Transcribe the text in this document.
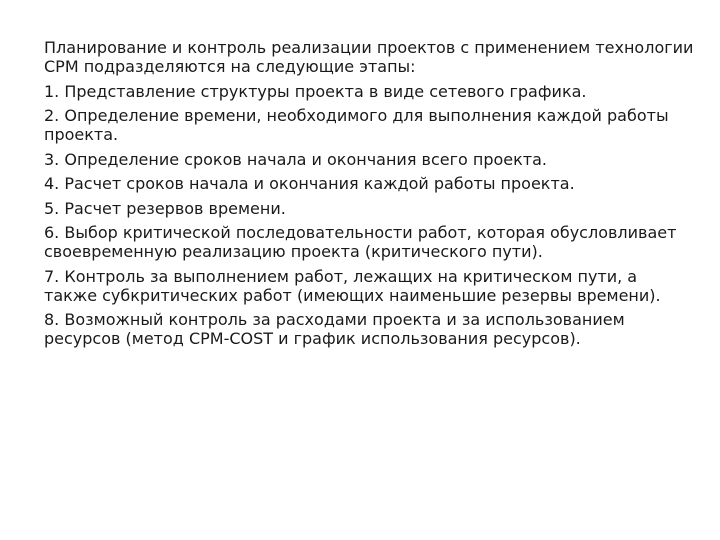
Планирование и контроль реализации проектов с применением технологии СРМ подразделяются на следующие этапы:

1. Представление структуры проекта в виде сетевого графика.

2. Определение времени, необходимого для выполнения каждой работы проекта.

3. Определение сроков начала и окончания всего проекта.

4. Расчет сроков начала и окончания каждой работы проекта.

5. Расчет резервов времени.

6. Выбор критической последовательности работ, которая обусловливает своевременную реализацию проекта (критического пути).

7. Контроль за выполнением работ, лежащих на критическом пути, а также субкритических работ (имеющих наименьшие резервы времени).

8. Возможный контроль за расходами проекта и за использованием ресурсов (метод CPM-COST и график использования ресурсов).
